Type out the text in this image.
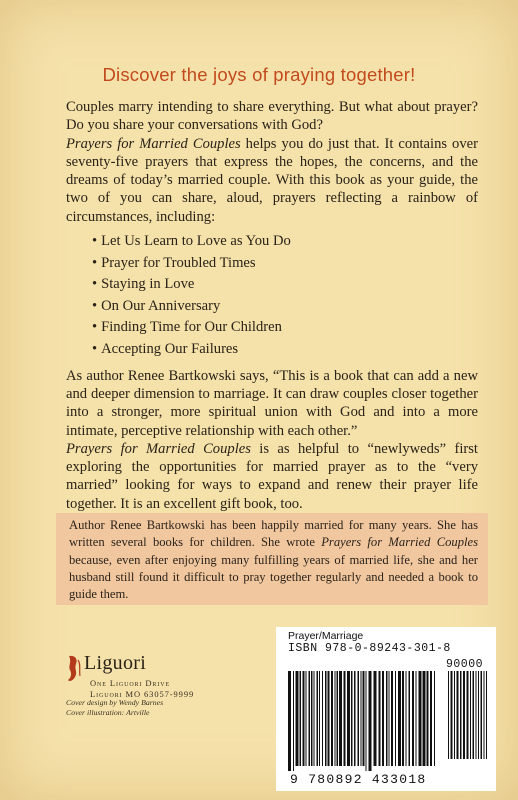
Discover the joys of praying together!

Couples marry intending to share everything. But what about prayer? Do you share your conversations with God?

Prayers for Married Couples helps you do just that. It contains over seventy-five prayers that express the hopes, the concerns, and the dreams of today’s married couple. With this book as your guide, the two of you can share, aloud, prayers reflecting a rainbow of circumstances, including:

• Let Us Learn to Love as You Do
• Prayer for Troubled Times
• Staying in Love
• On Our Anniversary
• Finding Time for Our Children
• Accepting Our Failures

As author Renee Bartkowski says, “This is a book that can add a new and deeper dimension to marriage. It can draw couples closer together into a stronger, more spiritual union with God and into a more intimate, perceptive relationship with each other.”

Prayers for Married Couples is as helpful to “newlyweds” first exploring the opportunities for married prayer as to the “very married” looking for ways to expand and renew their prayer life together. It is an excellent gift book, too.

Author Renee Bartkowski has been happily married for many years. She has written several books for children. She wrote Prayers for Married Couples because, even after enjoying many fulfilling years of married life, she and her husband still found it difficult to pray together regularly and needed a book to guide them.
Liguori
One Liguori Drive
Liguori MO 63057-9999
Cover design by Wendy Barnes
Cover illustration: Artville
Prayer/Marriage
ISBN 978-0-89243-301-8
90000
9 780892 433018
